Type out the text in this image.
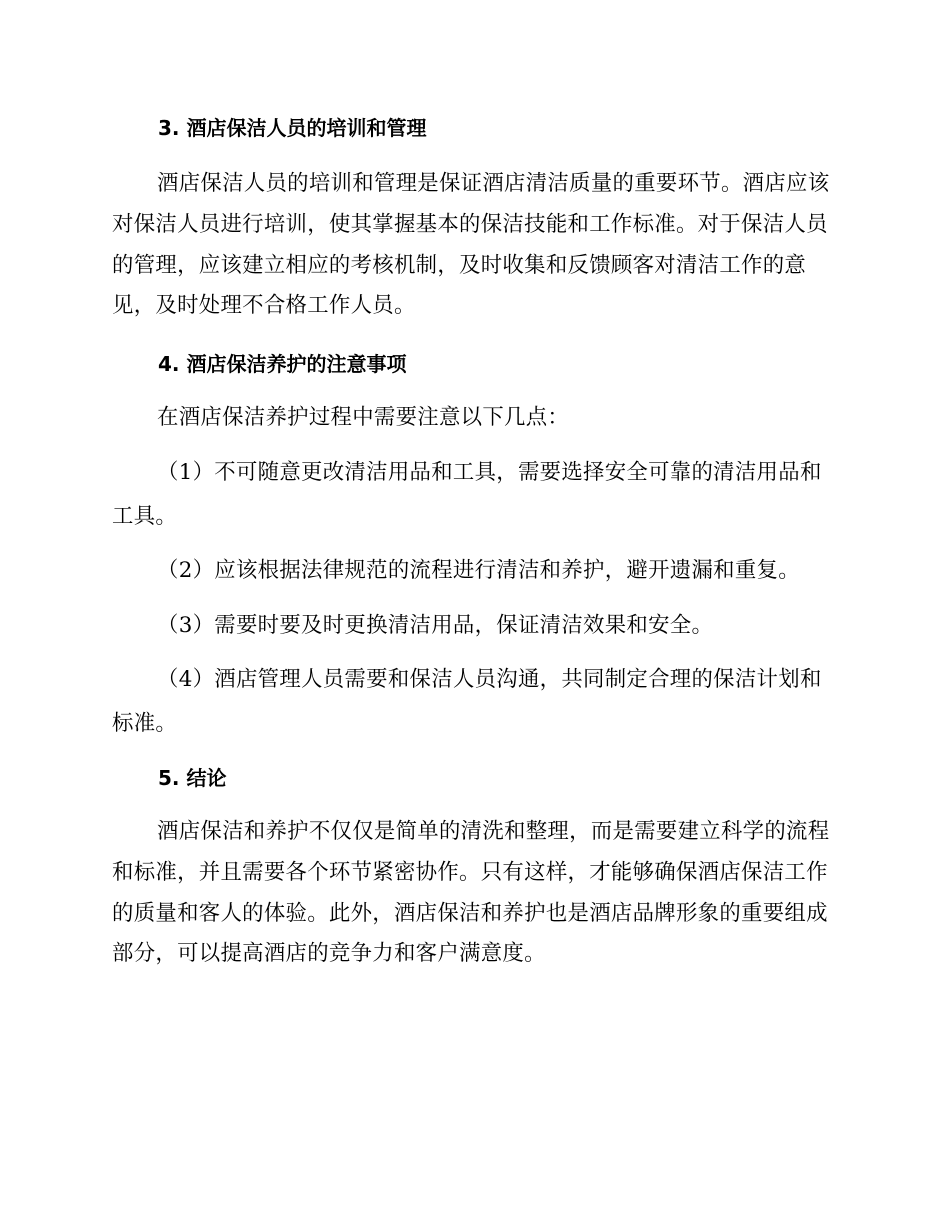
3. 酒店保洁人员的培训和管理
酒店保洁人员的培训和管理是保证酒店清洁质量的重要环节。酒店应该对保洁人员进行培训，使其掌握基本的保洁技能和工作标准。对于保洁人员的管理，应该建立相应的考核机制，及时收集和反馈顾客对清洁工作的意见，及时处理不合格工作人员。
4. 酒店保洁养护的注意事项
在酒店保洁养护过程中需要注意以下几点：
（1）不可随意更改清洁用品和工具，需要选择安全可靠的清洁用品和工具。
（2）应该根据法律规范的流程进行清洁和养护，避开遗漏和重复。
（3）需要时要及时更换清洁用品，保证清洁效果和安全。
（4）酒店管理人员需要和保洁人员沟通，共同制定合理的保洁计划和标准。
5. 结论
酒店保洁和养护不仅仅是简单的清洗和整理，而是需要建立科学的流程和标准，并且需要各个环节紧密协作。只有这样，才能够确保酒店保洁工作的质量和客人的体验。此外，酒店保洁和养护也是酒店品牌形象的重要组成部分，可以提高酒店的竞争力和客户满意度。
